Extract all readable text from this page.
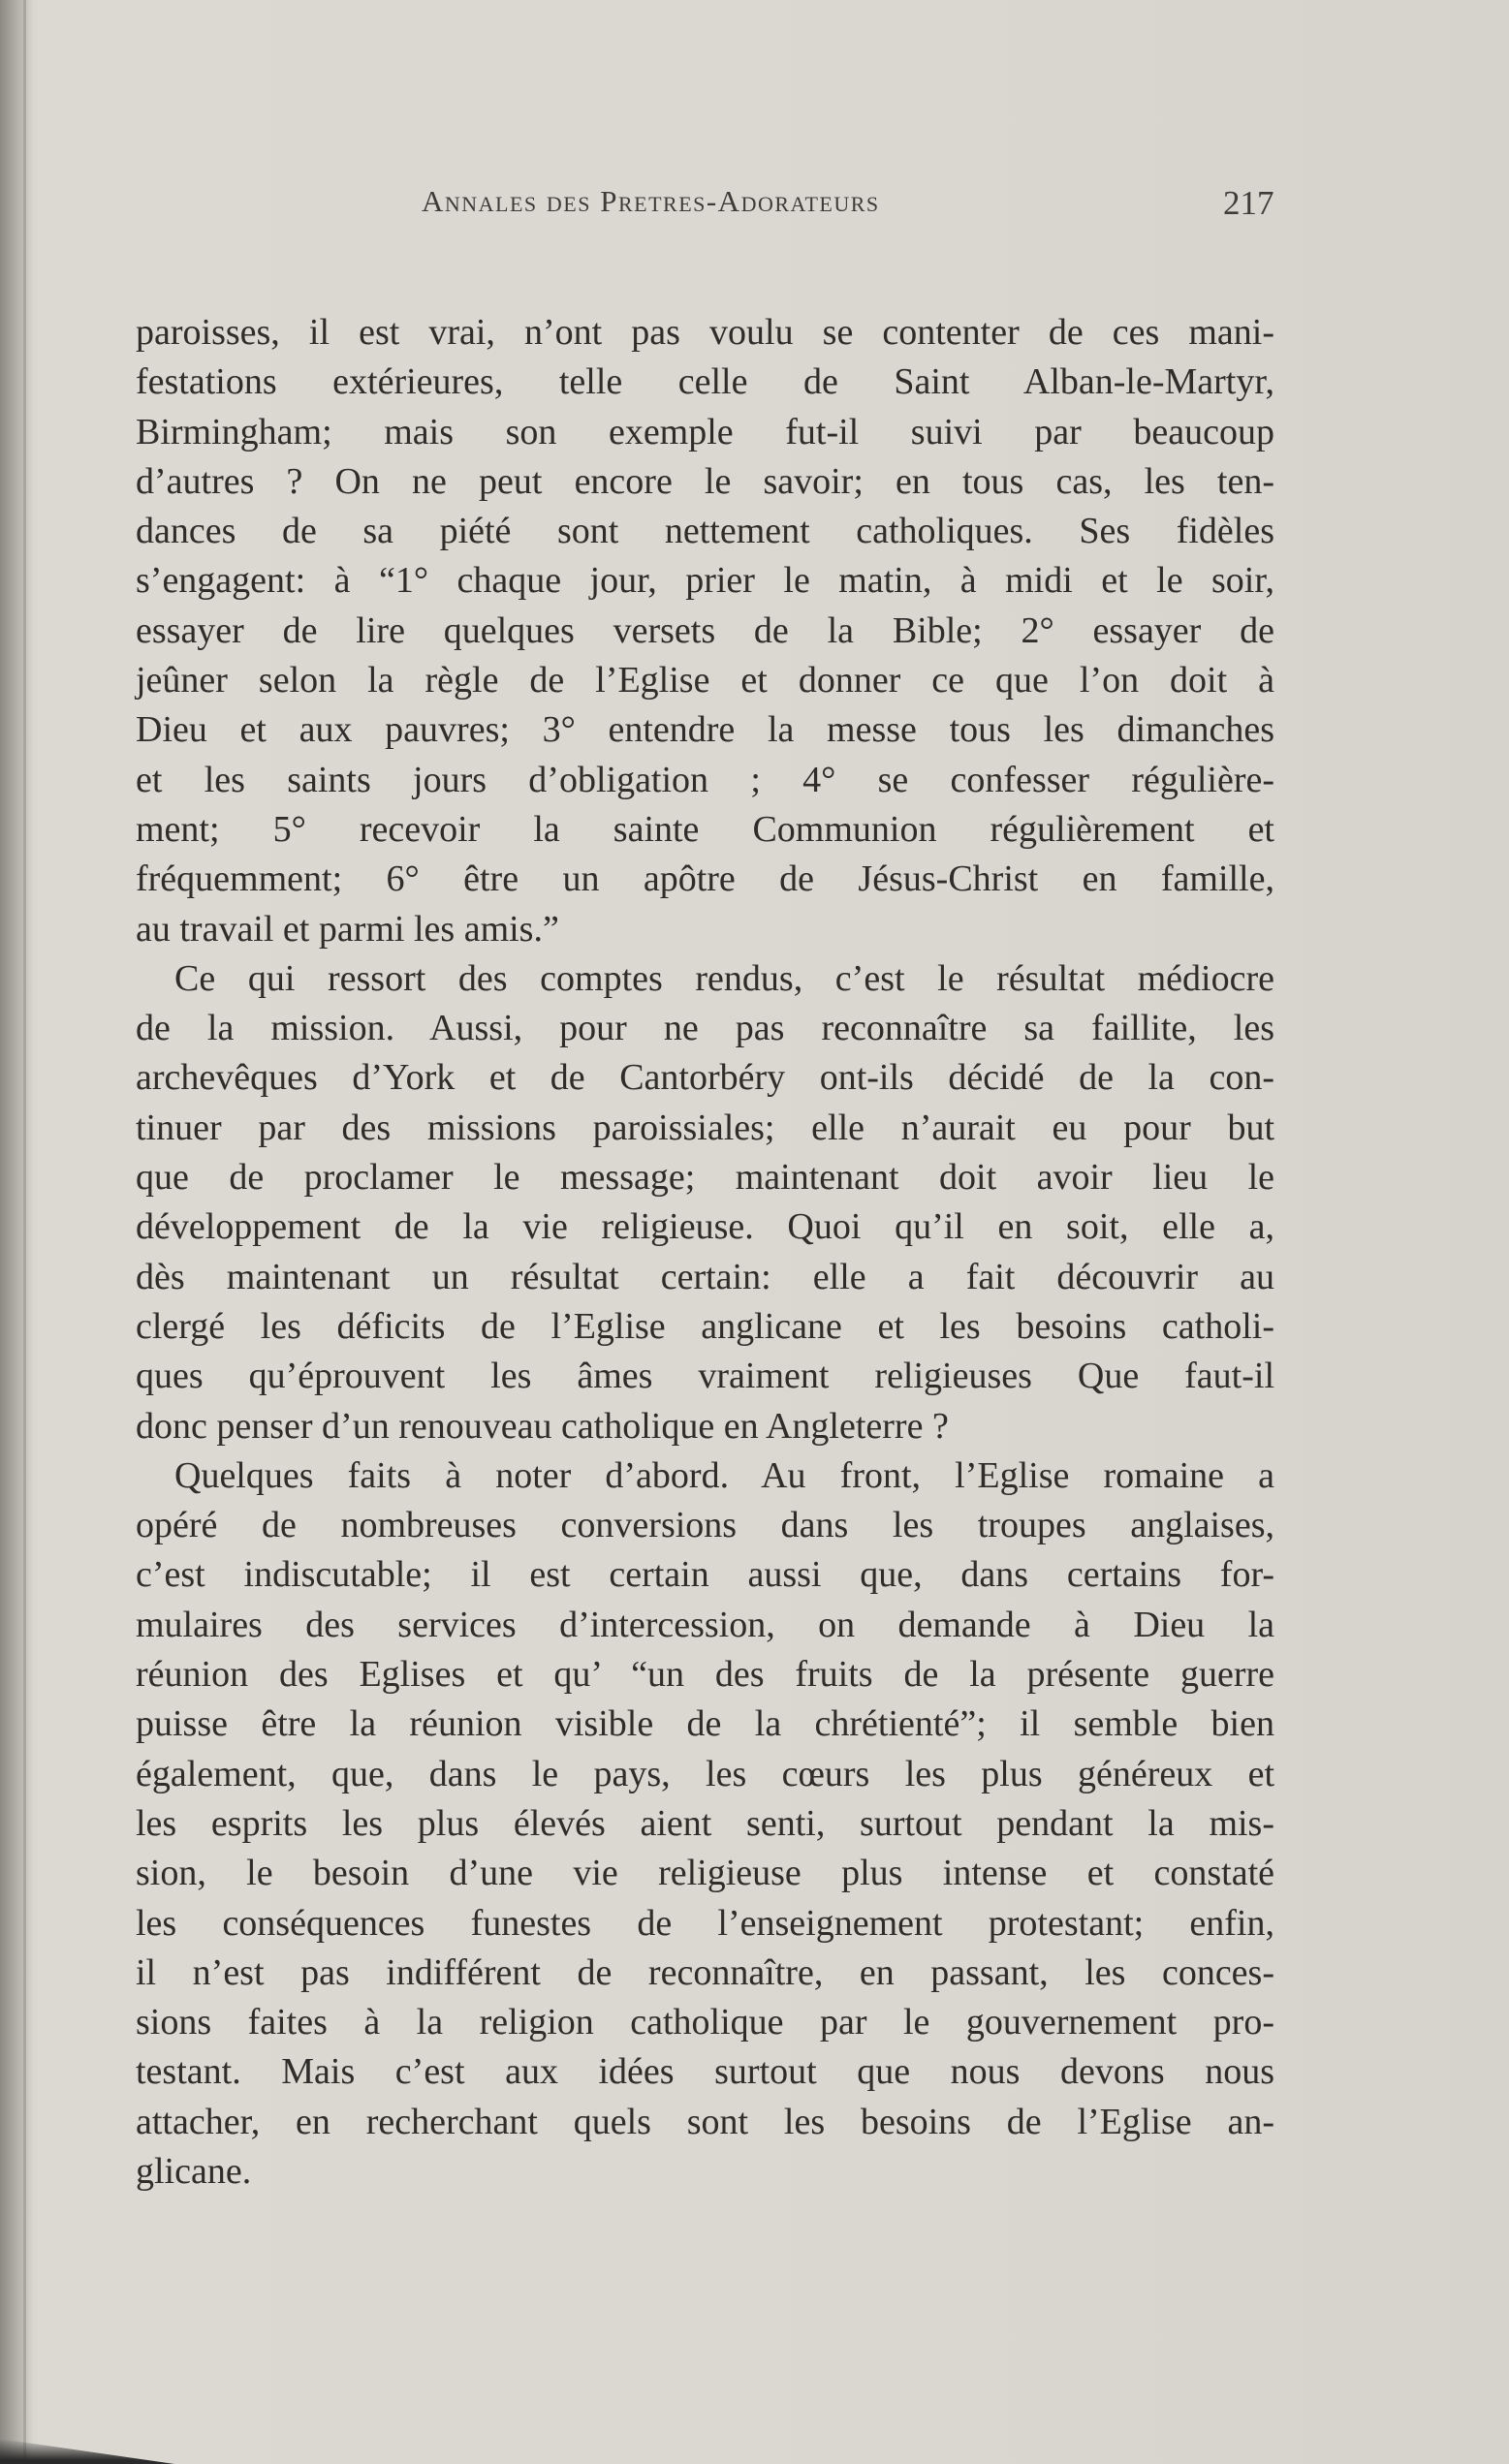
Annales des Pretres-Adorateurs	217
paroisses, il est vrai, n’ont pas voulu se contenter de ces mani-
festations extérieures, telle celle de Saint Alban-le-Martyr,
Birmingham; mais son exemple fut-il suivi par beaucoup
d’autres ? On ne peut encore le savoir; en tous cas, les ten-
dances de sa piété sont nettement catholiques. Ses fidèles
s’engagent: à “1° chaque jour, prier le matin, à midi et le soir,
essayer de lire quelques versets de la Bible; 2° essayer de
jeûner selon la règle de l’Eglise et donner ce que l’on doit à
Dieu et aux pauvres; 3° entendre la messe tous les dimanches
et les saints jours d’obligation ; 4° se confesser régulière-
ment; 5° recevoir la sainte Communion régulièrement et
fréquemment; 6° être un apôtre de Jésus-Christ en famille,
au travail et parmi les amis.”
Ce qui ressort des comptes rendus, c’est le résultat médiocre
de la mission. Aussi, pour ne pas reconnaître sa faillite, les
archevêques d’York et de Cantorbéry ont-ils décidé de la con-
tinuer par des missions paroissiales; elle n’aurait eu pour but
que de proclamer le message; maintenant doit avoir lieu le
développement de la vie religieuse. Quoi qu’il en soit, elle a,
dès maintenant un résultat certain: elle a fait découvrir au
clergé les déficits de l’Eglise anglicane et les besoins catholi-
ques qu’éprouvent les âmes vraiment religieuses Que faut-il
donc penser d’un renouveau catholique en Angleterre ?
Quelques faits à noter d’abord. Au front, l’Eglise romaine a
opéré de nombreuses conversions dans les troupes anglaises,
c’est indiscutable; il est certain aussi que, dans certains for-
mulaires des services d’intercession, on demande à Dieu la
réunion des Eglises et qu’ “un des fruits de la présente guerre
puisse être la réunion visible de la chrétienté”; il semble bien
également, que, dans le pays, les cœurs les plus généreux et
les esprits les plus élevés aient senti, surtout pendant la mis-
sion, le besoin d’une vie religieuse plus intense et constaté
les conséquences funestes de l’enseignement protestant; enfin,
il n’est pas indifférent de reconnaître, en passant, les conces-
sions faites à la religion catholique par le gouvernement pro-
testant. Mais c’est aux idées surtout que nous devons nous
attacher, en recherchant quels sont les besoins de l’Eglise an-
glicane.
